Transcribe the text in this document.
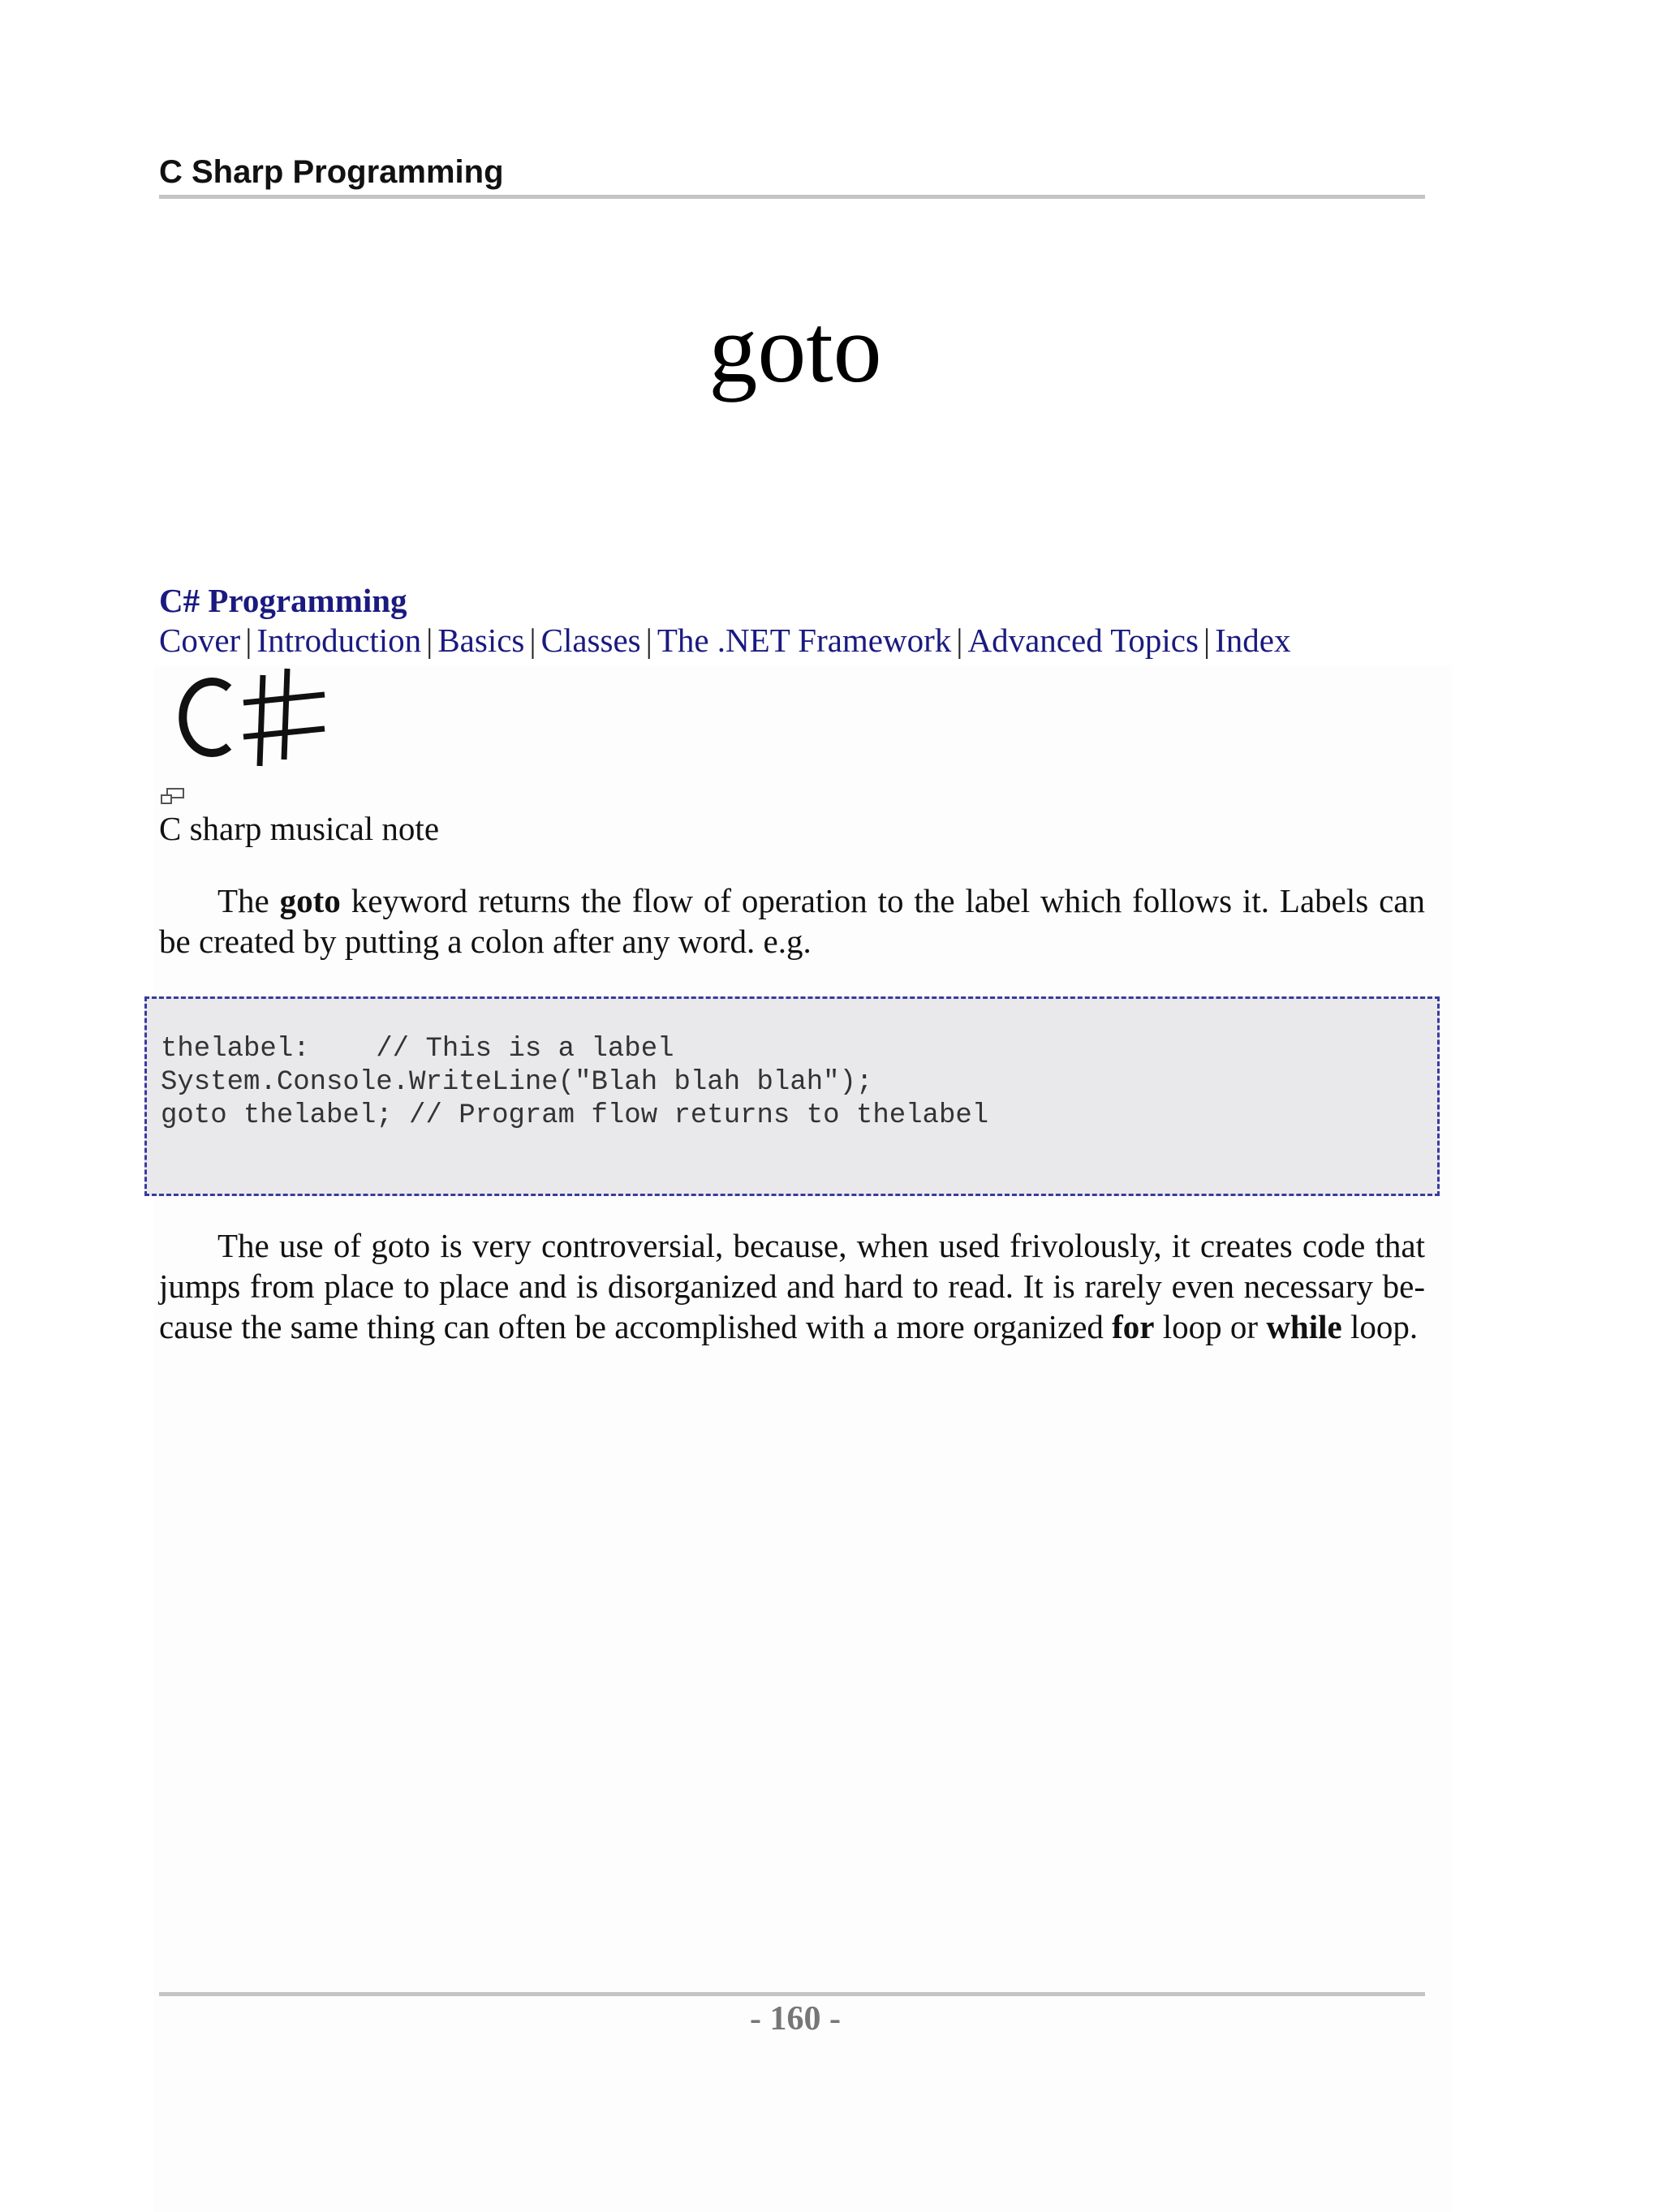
C Sharp Programming
goto
C# Programming
Cover | Introduction | Basics | Classes | The .NET Framework | Advanced Topics | Index
C sharp musical note
The goto keyword returns the flow of operation to the label which follows it. Labels can be created by putting a colon after any word. e.g.
thelabel:    // This is a label
System.Console.WriteLine("Blah blah blah");
goto thelabel; // Program flow returns to thelabel
The use of goto is very controversial, because, when used frivolously, it creates code that jumps from place to place and is disorganized and hard to read. It is rarely even necessary because the same thing can often be accomplished with a more organized for loop or while loop.
- 160 -
